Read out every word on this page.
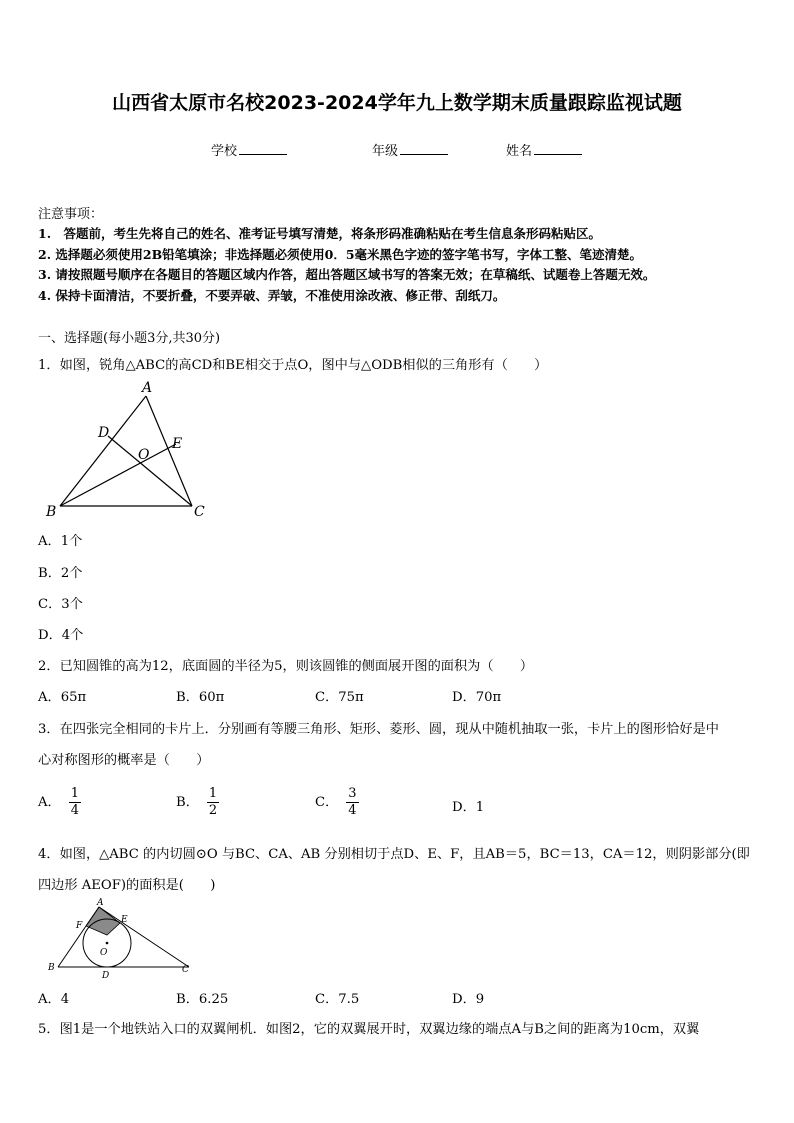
山西省太原市名校2023-2024学年九上数学期末质量跟踪监视试题
学校	年级	姓名
注意事项：
1.　答题前，考生先将自己的姓名、准考证号填写清楚，将条形码准确粘贴在考生信息条形码粘贴区。
2. 选择题必须使用2B铅笔填涂；非选择题必须使用0．5毫米黑色字迹的签字笔书写，字体工整、笔迹清楚。
3. 请按照题号顺序在各题目的答题区域内作答，超出答题区域书写的答案无效；在草稿纸、试题卷上答题无效。
4. 保持卡面清洁，不要折叠，不要弄破、弄皱，不准使用涂改液、修正带、刮纸刀。
一、选择题(每小题3分,共30分)
1．如图，锐角△ABC的高CD和BE相交于点O，图中与△ODB相似的三角形有（　　）
A
B	C
D
E
O
A．1个
B．2个
C．3个
D．4个
2．已知圆锥的高为12，底面圆的半径为5，则该圆锥的侧面展开图的面积为（　　）
A．65π	B．60π	C．75π	D．70π
3．在四张完全相同的卡片上．分别画有等腰三角形、矩形、菱形、圆，现从中随机抽取一张，卡片上的图形恰好是中
心对称图形的概率是（　　）
A． $\frac{1}{4}$	B． $\frac{1}{2}$	C． $\frac{3}{4}$	D．1
4．如图，△ABC 的内切圆⊙O 与BC、CA、AB 分别相切于点D、E、F，且AB＝5，BC＝13，CA＝12，则阴影部分(即
四边形 AEOF)的面积是(　　)
A
B	C
D
E
F
O
A．4	B．6.25	C．7.5	D．9
5．图1是一个地铁站入口的双翼闸机．如图2，它的双翼展开时，双翼边缘的端点A与B之间的距离为10cm，双翼
